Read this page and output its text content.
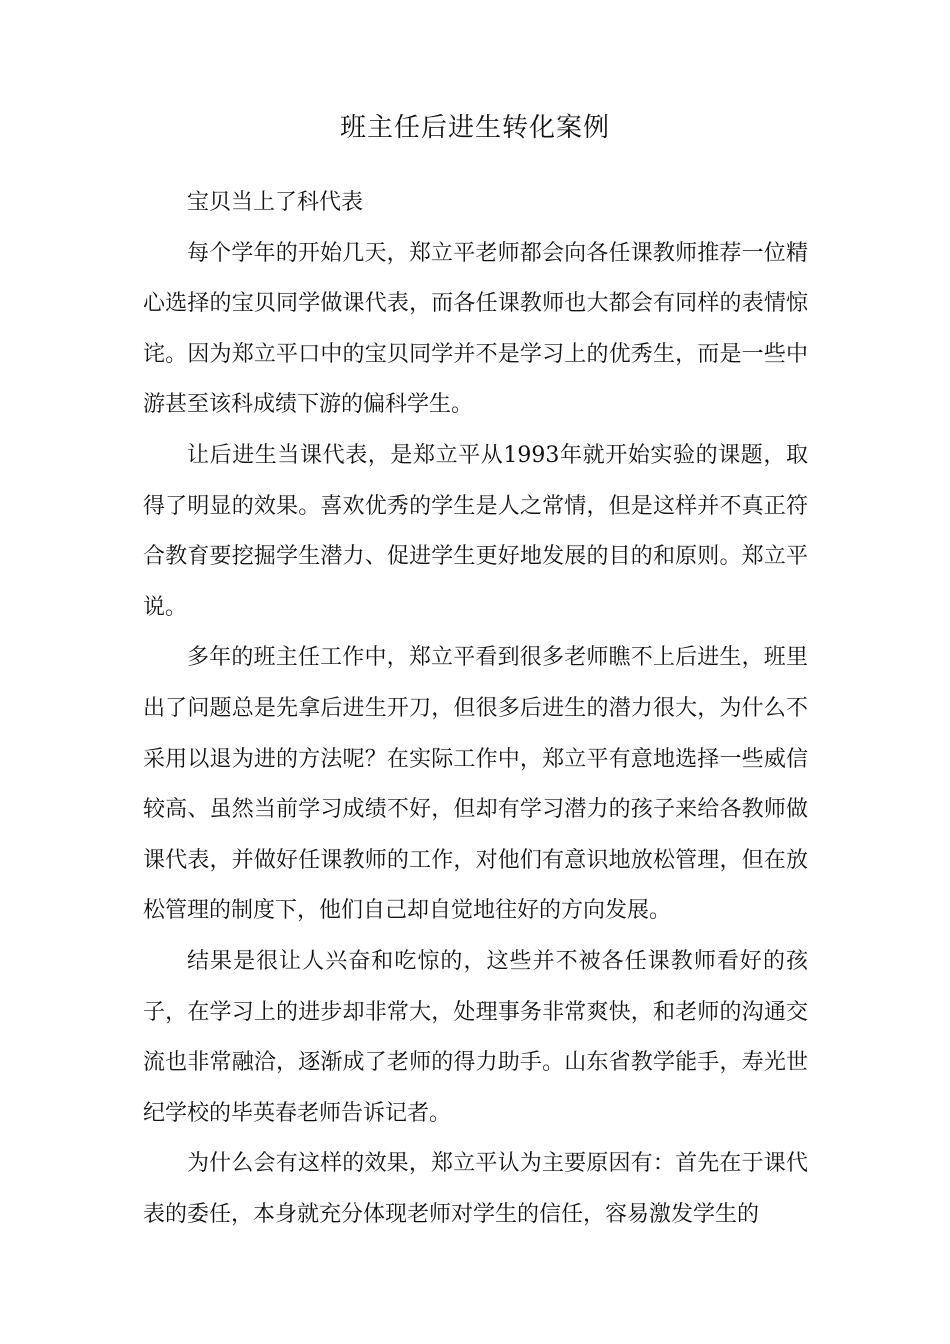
班主任后进生转化案例

宝贝当上了科代表

每个学年的开始几天，郑立平老师都会向各任课教师推荐一位精心选择的宝贝同学做课代表，而各任课教师也大都会有同样的表情惊诧。因为郑立平口中的宝贝同学并不是学习上的优秀生，而是一些中游甚至该科成绩下游的偏科学生。

让后进生当课代表，是郑立平从1993年就开始实验的课题，取得了明显的效果。喜欢优秀的学生是人之常情，但是这样并不真正符合教育要挖掘学生潜力、促进学生更好地发展的目的和原则。郑立平说。

多年的班主任工作中，郑立平看到很多老师瞧不上后进生，班里出了问题总是先拿后进生开刀，但很多后进生的潜力很大，为什么不采用以退为进的方法呢？在实际工作中，郑立平有意地选择一些威信较高、虽然当前学习成绩不好，但却有学习潜力的孩子来给各教师做课代表，并做好任课教师的工作，对他们有意识地放松管理，但在放松管理的制度下，他们自己却自觉地往好的方向发展。

结果是很让人兴奋和吃惊的，这些并不被各任课教师看好的孩子，在学习上的进步却非常大，处理事务非常爽快，和老师的沟通交流也非常融洽，逐渐成了老师的得力助手。山东省教学能手，寿光世纪学校的毕英春老师告诉记者。

为什么会有这样的效果，郑立平认为主要原因有：首先在于课代表的委任，本身就充分体现老师对学生的信任，容易激发学生的
